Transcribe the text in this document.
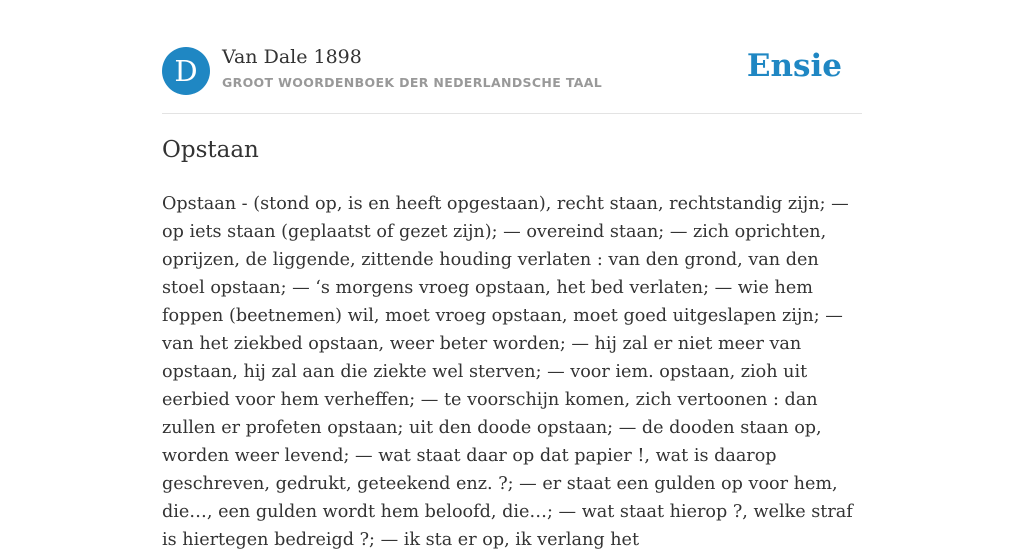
D	Van Dale 1898
GROOT WOORDENBOEK DER NEDERLANDSCHE TAAL	Ensie
Opstaan

Opstaan - (stond op, is en heeft opgestaan), recht staan, rechtstandig zijn; — op iets staan (geplaatst of gezet zijn); — overeind staan; — zich oprichten, oprijzen, de liggende, zittende houding verlaten : van den grond, van den stoel opstaan; — ‘s morgens vroeg opstaan, het bed verlaten; — wie hem foppen (beetnemen) wil, moet vroeg opstaan, moet goed uitgeslapen zijn; — van het ziekbed opstaan, weer beter worden; — hij zal er niet meer van opstaan, hij zal aan die ziekte wel sterven; — voor iem. opstaan, zioh uit eerbied voor hem verheffen; — te voorschijn komen, zich vertoonen : dan zullen er profeten opstaan; uit den doode opstaan; — de dooden staan op, worden weer levend; — wat staat daar op dat papier !, wat is daarop geschreven, gedrukt, geteekend enz. ?; — er staat een gulden op voor hem, die…, een gulden wordt hem beloofd, die…; — wat staat hierop ?, welke straf is hiertegen bedreigd ?; — ik sta er op, ik verlang het
